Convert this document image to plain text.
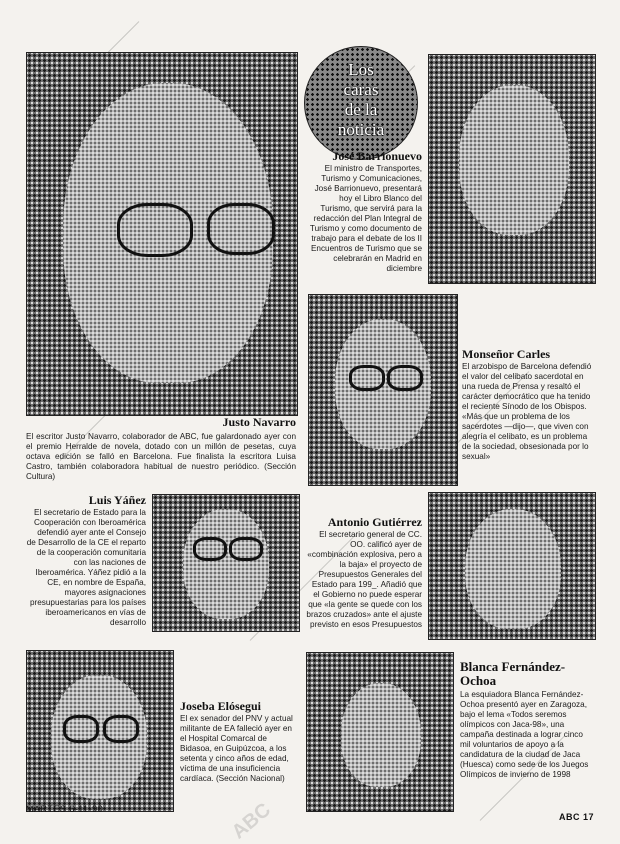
ABC
Justo Navarro
El escritor Justo Navarro, colaborador de ABC, fue galardonado ayer con el premio Herralde de novela, dotado con un millón de pesetas, cuya octava edición se falló en Barcelona. Fue finalista la escritora Luisa Castro, también colaboradora habitual de nuestro periódico. (Sección Cultura)
Los
caras
de la
noticia
José Barrionuevo
El ministro de Transportes, Turismo y Comunicaciones, José Barrionuevo, presentará hoy el Libro Blanco del Turismo, que servirá para la redacción del Plan Integral de Turismo y como documento de trabajo para el debate de los II Encuentros de Turismo que se celebrarán en Madrid en diciembre
Monseñor Carles
El arzobispo de Barcelona defendió el valor del celibato sacerdotal en una rueda de Prensa y resaltó el carácter democrático que ha tenido el reciente Sínodo de los Obispos. «Más que un problema de los sacerdotes —dijo—, que viven con alegría el celibato, es un problema de la sociedad, obsesionada por lo sexual»
Luis Yáñez
El secretario de Estado para la Cooperación con Iberoamérica defendió ayer ante el Consejo de Desarrollo de la CE el reparto de la cooperación comunitaria con las naciones de Iberoamérica. Yáñez pidió a la CE, en nombre de España, mayores asignaciones presupuestarias para los países iberoamericanos en vías de desarrollo
Antonio Gutiérrez
El secretario general de CC. OO. calificó ayer de «combinación explosiva, pero a la baja» el proyecto de Presupuestos Generales del Estado para 199_. Añadió que el Gobierno no puede esperar que «la gente se quede con los brazos cruzados» ante el ajuste previsto en esos Presupuestos
Joseba Elósegui
El ex senador del PNV y actual militante de EA falleció ayer en el Hospital Comarcal de Bidasoa, en Guipúzcoa, a los setenta y cinco años de edad, víctima de una insuficiencia cardíaca. (Sección Nacional)
Blanca Fernández-Ochoa
La esquiadora Blanca Fernández-Ochoa presentó ayer en Zaragoza, bajo el lema «Todos seremos olímpicos con Jaca-98», una campaña destinada a lograr cinco mil voluntarios de apoyo a la candidatura de la ciudad de Jaca (Huesca) como sede de los Juegos Olímpicos de invierno de 1998
MARTES 6-11-90
ABC 17
